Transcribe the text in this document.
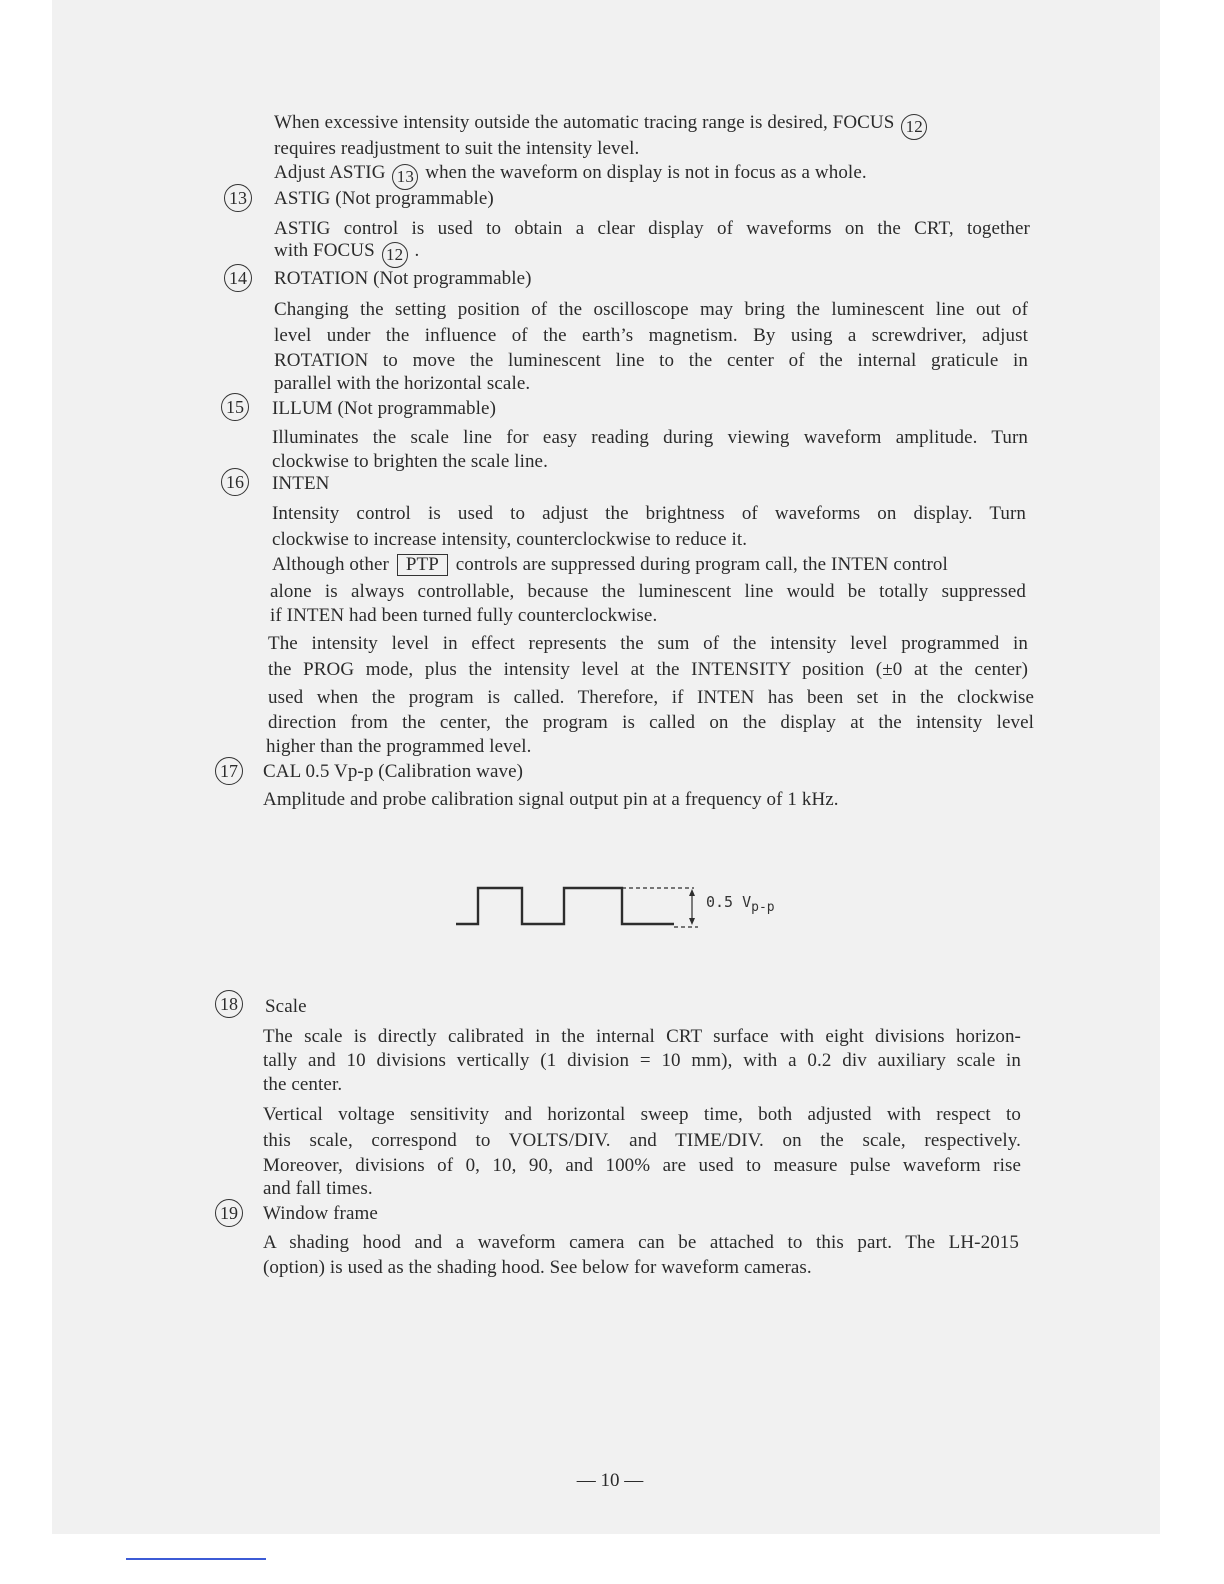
When excessive intensity outside the automatic tracing range is desired, FOCUS 12
requires readjustment to suit the intensity level.
Adjust ASTIG 13 when the waveform on display is not in focus as a whole.
13 ASTIG (Not programmable)
ASTIG control is used to obtain a clear display of waveforms on the CRT, together
with FOCUS 12 .
14 ROTATION (Not programmable)
Changing the setting position of the oscilloscope may bring the luminescent line out of
level under the influence of the earth’s magnetism. By using a screwdriver, adjust
ROTATION to move the luminescent line to the center of the internal graticule in
parallel with the horizontal scale.
15 ILLUM (Not programmable)
Illuminates the scale line for easy reading during viewing waveform amplitude. Turn
clockwise to brighten the scale line.
16 INTEN
Intensity control is used to adjust the brightness of waveforms on display. Turn
clockwise to increase intensity, counterclockwise to reduce it.
Although other PTP controls are suppressed during program call, the INTEN control
alone is always controllable, because the luminescent line would be totally suppressed
if INTEN had been turned fully counterclockwise.
The intensity level in effect represents the sum of the intensity level programmed in
the PROG mode, plus the intensity level at the INTENSITY position (±0 at the center)
used when the program is called. Therefore, if INTEN has been set in the clockwise
direction from the center, the program is called on the display at the intensity level
higher than the programmed level.
17 CAL 0.5 Vp-p (Calibration wave)
Amplitude and probe calibration signal output pin at a frequency of 1 kHz.
0.5 $V_{p-p}$
18 Scale
The scale is directly calibrated in the internal CRT surface with eight divisions horizon-
tally and 10 divisions vertically (1 division = 10 mm), with a 0.2 div auxiliary scale in
the center.
Vertical voltage sensitivity and horizontal sweep time, both adjusted with respect to
this scale, correspond to VOLTS/DIV. and TIME/DIV. on the scale, respectively.
Moreover, divisions of 0, 10, 90, and 100% are used to measure pulse waveform rise
and fall times.
19 Window frame
A shading hood and a waveform camera can be attached to this part. The LH-2015
(option) is used as the shading hood. See below for waveform cameras.
— 10 —
